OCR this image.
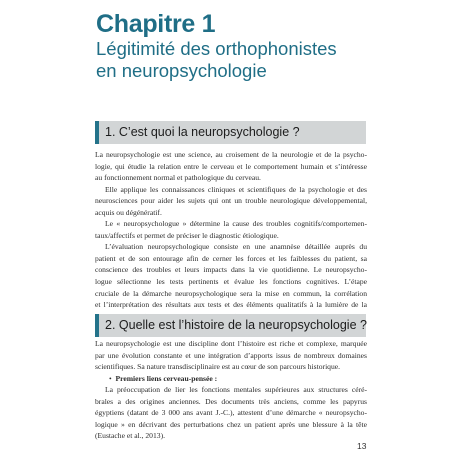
Chapitre 1
Légitimité des orthophonistes
en neuropsychologie
1. C’est quoi la neuropsychologie ?
La neuropsychologie est une science, au croisement de la neurologie et de la psycho-
logie, qui étudie la relation entre le cerveau et le comportement humain et s’intéresse
au fonctionnement normal et pathologique du cerveau.
Elle applique les connaissances cliniques et scientifiques de la psychologie et des
neurosciences pour aider les sujets qui ont un trouble neurologique développemental,
acquis ou dégénératif.
Le « neuropsychologue » détermine la cause des troubles cognitifs/comportemen-
taux/affectifs et permet de préciser le diagnostic étiologique.
L’évaluation neuropsychologique consiste en une anamnèse détaillée auprès du
patient et de son entourage afin de cerner les forces et les faiblesses du patient, sa
conscience des troubles et leurs impacts dans la vie quotidienne. Le neuropsycho-
logue sélectionne les tests pertinents et évalue les fonctions cognitives. L’étape
cruciale de la démarche neuropsychologique sera la mise en commun, la corrélation
et l’interprétation des résultats aux tests et des éléments qualitatifs à la lumière de la
2. Quelle est l’histoire de la neuropsychologie ?
La neuropsychologie est une discipline dont l’histoire est riche et complexe, marquée
par une évolution constante et une intégration d’apports issus de nombreux domaines
scientifiques. Sa nature transdisciplinaire est au cœur de son parcours historique.
•  Premiers liens cerveau-pensée :
La préoccupation de lier les fonctions mentales supérieures aux structures céré-
brales a des origines anciennes. Des documents très anciens, comme les papyrus
égyptiens (datant de 3 000 ans avant J.-C.), attestent d’une démarche « neuropsycho-
logique » en décrivant des perturbations chez un patient après une blessure à la tête
(Eustache et al., 2013).
13
